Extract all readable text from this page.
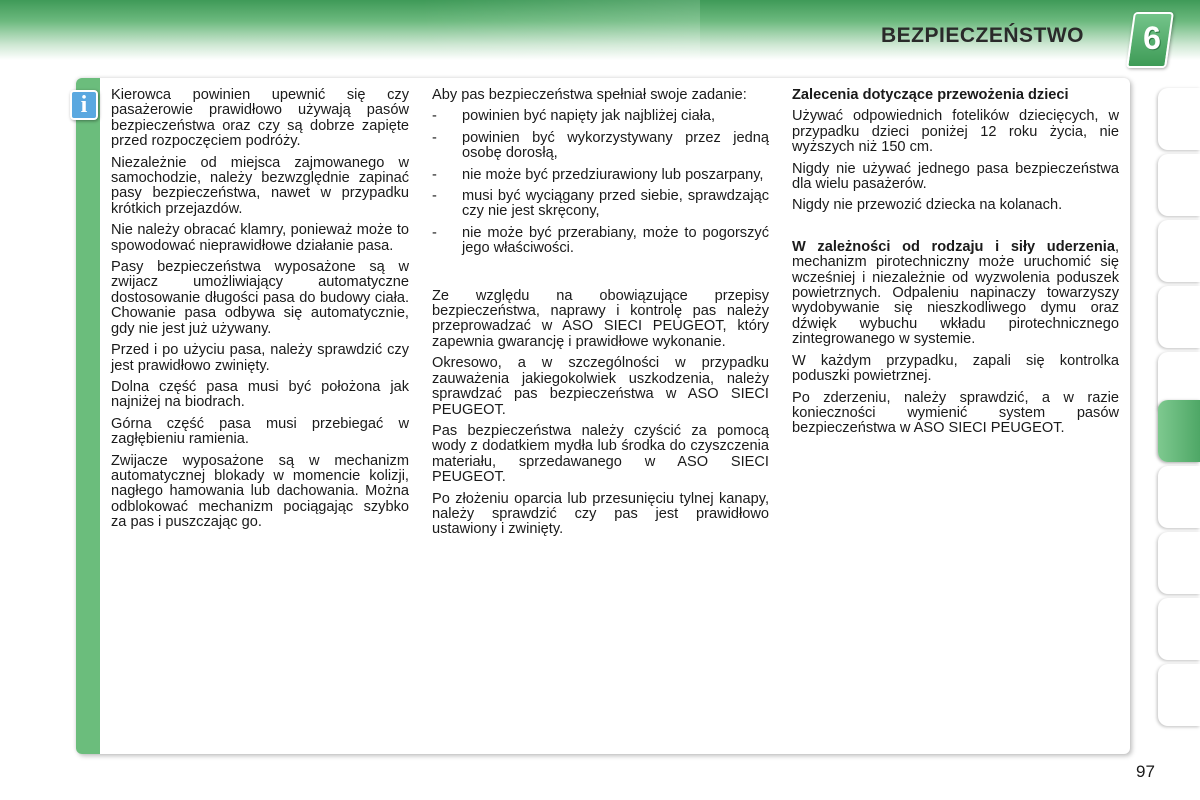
BEZPIECZEŃSTWO 6
i	Kierowca powinien upewnić się czy pasażerowie prawidłowo używają pasów bezpieczeństwa oraz czy są dobrze zapięte przed rozpoczęciem podróży.

Niezależnie od miejsca zajmowanego w samochodzie, należy bezwzględnie zapinać pasy bezpieczeństwa, nawet w przypadku krótkich przejazdów.

Nie należy obracać klamry, ponieważ może to spowodować nieprawidłowe działanie pasa.

Pasy bezpieczeństwa wyposażone są w zwijacz umożliwiający automatyczne dostosowanie długości pasa do budowy ciała. Chowanie pasa odbywa się automatycznie, gdy nie jest już używany.

Przed i po użyciu pasa, należy sprawdzić czy jest prawidłowo zwinięty.

Dolna część pasa musi być położona jak najniżej na biodrach.

Górna część pasa musi przebiegać w zagłębieniu ramienia.

Zwijacze wyposażone są w mechanizm automatycznej blokady w momencie kolizji, nagłego hamowania lub dachowania. Można odblokować mechanizm pociągając szybko za pas i puszczając go.

Aby pas bezpieczeństwa spełniał swoje zadanie:

- powinien być napięty jak najbliżej ciała,
- powinien być wykorzystywany przez jedną osobę dorosłą,
- nie może być przedziurawiony lub poszarpany,
- musi być wyciągany przed siebie, sprawdzając czy nie jest skręcony,
- nie może być przerabiany, może to pogorszyć jego właściwości.

Ze względu na obowiązujące przepisy bezpieczeństwa, naprawy i kontrolę pas należy przeprowadzać w ASO SIECI PEUGEOT, który zapewnia gwarancję i prawidłowe wykonanie.

Okresowo, a w szczególności w przypadku zauważenia jakiegokolwiek uszkodzenia, należy sprawdzać pas bezpieczeństwa w ASO SIECI PEUGEOT.

Pas bezpieczeństwa należy czyścić za pomocą wody z dodatkiem mydła lub środka do czyszczenia materiału, sprzedawanego w ASO SIECI PEUGEOT.

Po złożeniu oparcia lub przesunięciu tylnej kanapy, należy sprawdzić czy pas jest prawidłowo ustawiony i zwinięty.

Zalecenia dotyczące przewożenia dzieci

Używać odpowiednich fotelików dziecięcych, w przypadku dzieci poniżej 12 roku życia, nie wyższych niż 150 cm.

Nigdy nie używać jednego pasa bezpieczeństwa dla wielu pasażerów.

Nigdy nie przewozić dziecka na kolanach.

W zależności od rodzaju i siły uderzenia, mechanizm pirotechniczny może uruchomić się wcześniej i niezależnie od wyzwolenia poduszek powietrznych. Odpaleniu napinaczy towarzyszy wydobywanie się nieszkodliwego dymu oraz dźwięk wybuchu wkładu pirotechnicznego zintegrowanego w systemie.

W każdym przypadku, zapali się kontrolka poduszki powietrznej.

Po zderzeniu, należy sprawdzić, a w razie konieczności wymienić system pasów bezpieczeństwa w ASO SIECI PEUGEOT.

97
